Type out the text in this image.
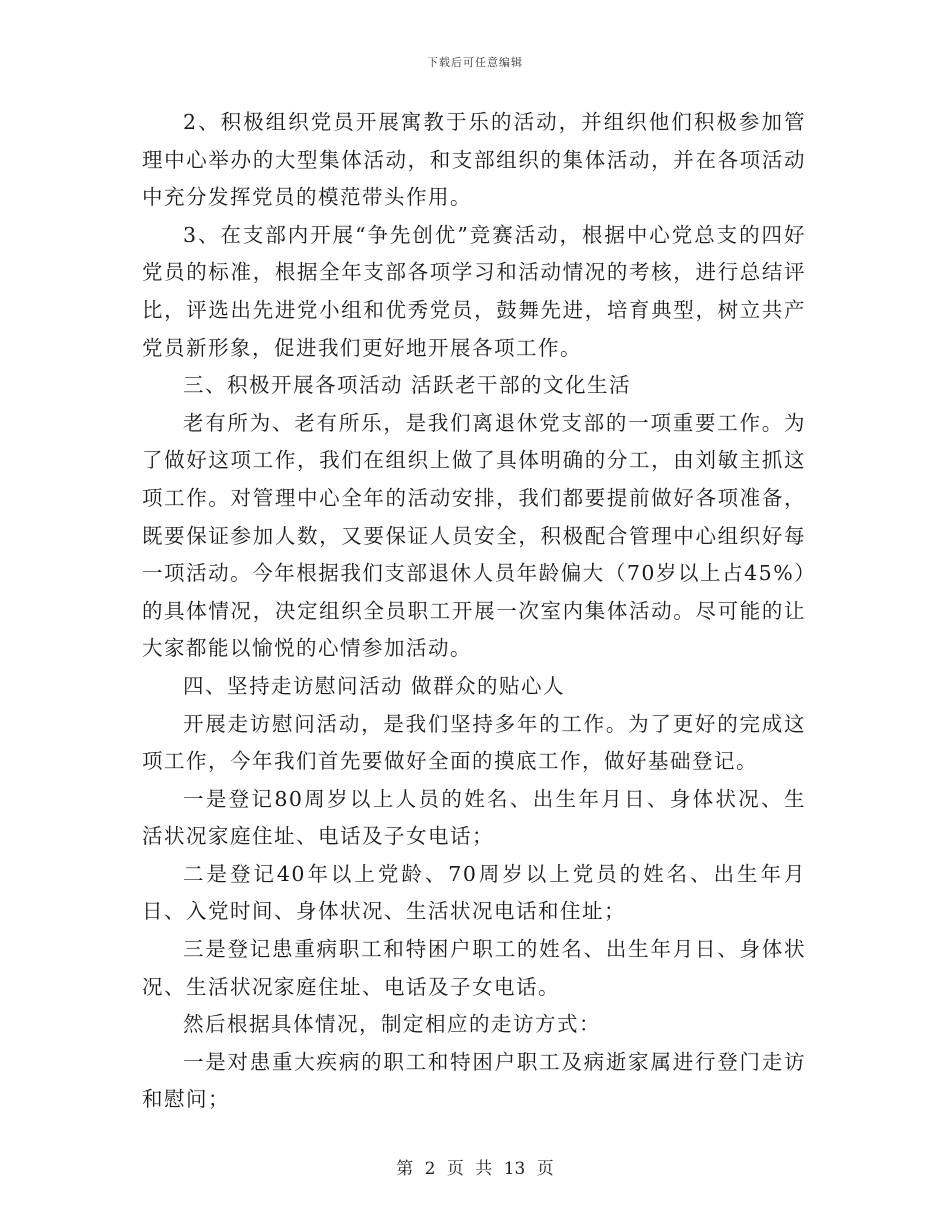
下载后可任意编辑

2、积极组织党员开展寓教于乐的活动，并组织他们积极参加管理中心举办的大型集体活动，和支部组织的集体活动，并在各项活动中充分发挥党员的模范带头作用。

3、在支部内开展“争先创优”竞赛活动，根据中心党总支的四好党员的标准，根据全年支部各项学习和活动情况的考核，进行总结评比，评选出先进党小组和优秀党员，鼓舞先进，培育典型，树立共产党员新形象，促进我们更好地开展各项工作。

三、积极开展各项活动 活跃老干部的文化生活

老有所为、老有所乐，是我们离退休党支部的一项重要工作。为了做好这项工作，我们在组织上做了具体明确的分工，由刘敏主抓这项工作。对管理中心全年的活动安排，我们都要提前做好各项准备，既要保证参加人数，又要保证人员安全，积极配合管理中心组织好每一项活动。今年根据我们支部退休人员年龄偏大（70岁以上占45%）的具体情况，决定组织全员职工开展一次室内集体活动。尽可能的让大家都能以愉悦的心情参加活动。

四、坚持走访慰问活动 做群众的贴心人

开展走访慰问活动，是我们坚持多年的工作。为了更好的完成这项工作，今年我们首先要做好全面的摸底工作，做好基础登记。

一是登记80周岁以上人员的姓名、出生年月日、身体状况、生活状况家庭住址、电话及子女电话；

二是登记40年以上党龄、70周岁以上党员的姓名、出生年月日、入党时间、身体状况、生活状况电话和住址；

三是登记患重病职工和特困户职工的姓名、出生年月日、身体状况、生活状况家庭住址、电话及子女电话。

然后根据具体情况，制定相应的走访方式：

一是对患重大疾病的职工和特困户职工及病逝家属进行登门走访和慰问；

第 2 页 共 13 页
